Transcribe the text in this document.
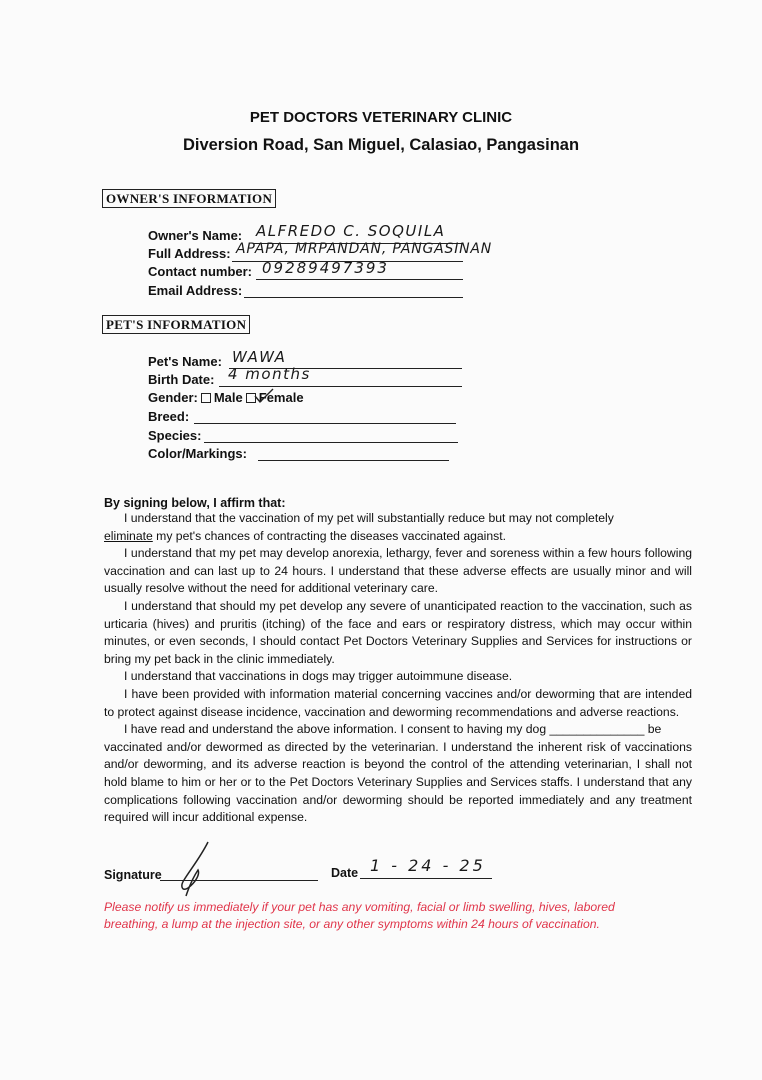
PET DOCTORS VETERINARY CLINIC
Diversion Road, San Miguel, Calasiao, Pangasinan
OWNER'S INFORMATION
Owner's Name: ALFREDO C. SOQUILA
Full Address: APAPA, MRPANDAN, PANGASINAN
Contact number: 09289497393
Email Address:
PET'S INFORMATION
Pet's Name: WAWA
Birth Date: 4 months
Gender: Male Female
Breed:
Species:
Color/Markings:
By signing below, I affirm that:

I understand that the vaccination of my pet will substantially reduce but may not completely

eliminate my pet's chances of contracting the diseases vaccinated against.

I understand that my pet may develop anorexia, lethargy, fever and soreness within a few hours following vaccination and can last up to 24 hours. I understand that these adverse effects are usually minor and will usually resolve without the need for additional veterinary care.

I understand that should my pet develop any severe of unanticipated reaction to the vaccination, such as urticaria (hives) and pruritis (itching) of the face and ears or respiratory distress, which may occur within minutes, or even seconds, I should contact Pet Doctors Veterinary Supplies and Services for instructions or bring my pet back in the clinic immediately.

I understand that vaccinations in dogs may trigger autoimmune disease.

I have been provided with information material concerning vaccines and/or deworming that are intended to protect against disease incidence, vaccination and deworming recommendations and adverse reactions.

I have read and understand the above information. I consent to having my dog ______________ be

vaccinated and/or dewormed as directed by the veterinarian. I understand the inherent risk of vaccinations and/or deworming, and its adverse reaction is beyond the control of the attending veterinarian, I shall not hold blame to him or her or to the Pet Doctors Veterinary Supplies and Services staffs. I understand that any complications following vaccination and/or deworming should be reported immediately and any treatment required will incur additional expense.

Signature	Date 1 - 24 - 25
Please notify us immediately if your pet has any vomiting, facial or limb swelling, hives, labored breathing, a lump at the injection site, or any other symptoms within 24 hours of vaccination.
